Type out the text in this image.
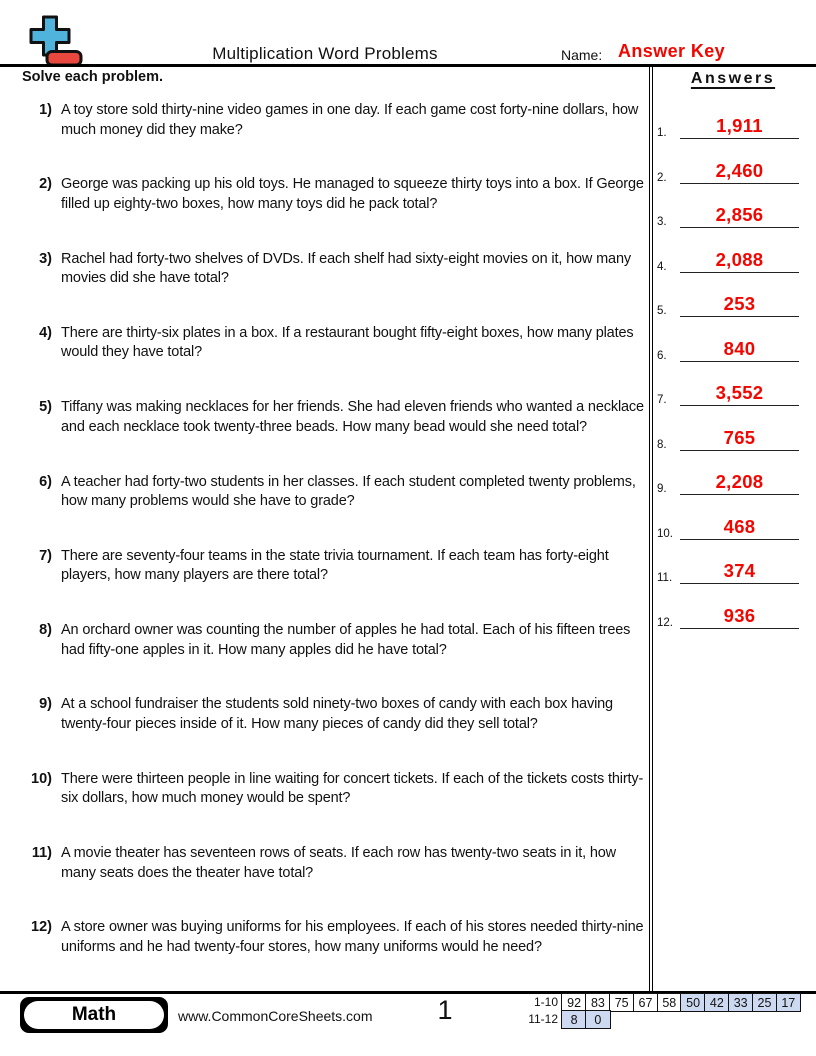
Multiplication Word Problems	Name: Answer Key
Solve each problem.	Answers
1.	1,911
2.	2,460
3.	2,856
4.	2,088
5.	253
6.	840
7.	3,552
8.	765
9.	2,208
10.	468
11.	374
12.	936
1) A toy store sold thirty-nine video games in one day. If each game cost forty-nine dollars, how much money did they make?
2) George was packing up his old toys. He managed to squeeze thirty toys into a box. If George filled up eighty-two boxes, how many toys did he pack total?
3) Rachel had forty-two shelves of DVDs. If each shelf had sixty-eight movies on it, how many movies did she have total?
4) There are thirty-six plates in a box. If a restaurant bought fifty-eight boxes, how many plates would they have total?
5) Tiffany was making necklaces for her friends. She had eleven friends who wanted a necklace and each necklace took twenty-three beads. How many bead would she need total?
6) A teacher had forty-two students in her classes. If each student completed twenty problems, how many problems would she have to grade?
7) There are seventy-four teams in the state trivia tournament. If each team has forty-eight players, how many players are there total?
8) An orchard owner was counting the number of apples he had total. Each of his fifteen trees had fifty-one apples in it. How many apples did he have total?
9) At a school fundraiser the students sold ninety-two boxes of candy with each box having twenty-four pieces inside of it. How many pieces of candy did they sell total?
10) There were thirteen people in line waiting for concert tickets. If each of the tickets costs thirty-six dollars, how much money would be spent?
11) A movie theater has seventeen rows of seats. If each row has twenty-two seats in it, how many seats does the theater have total?
12) A store owner was buying uniforms for his employees. If each of his stores needed thirty-nine uniforms and he had twenty-four stores, how many uniforms would he need?
Math	www.CommonCoreSheets.com	1	1-10 92 83 75 67 58 50 42 33 25 17
11-12	8	0
